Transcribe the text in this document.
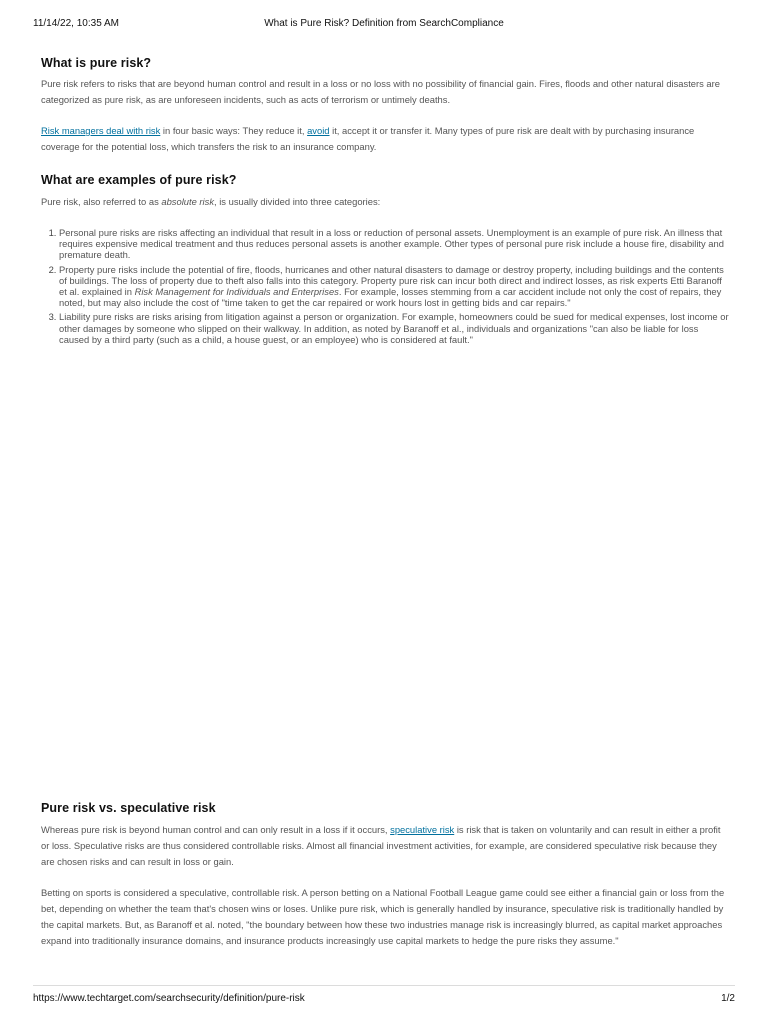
11/14/22, 10:35 AM	What is Pure Risk? Definition from SearchCompliance
What is pure risk?

Pure risk refers to risks that are beyond human control and result in a loss or no loss with no possibility of financial gain. Fires, floods and other natural disasters are categorized as pure risk, as are unforeseen incidents, such as acts of terrorism or untimely deaths.

Risk managers deal with risk in four basic ways: They reduce it, avoid it, accept it or transfer it. Many types of pure risk are dealt with by purchasing insurance coverage for the potential loss, which transfers the risk to an insurance company.

What are examples of pure risk?

Pure risk, also referred to as absolute risk, is usually divided into three categories:

1. Personal pure risks are risks affecting an individual that result in a loss or reduction of personal assets. Unemployment is an example of pure risk. An illness that requires expensive medical treatment and thus reduces personal assets is another example. Other types of personal pure risk include a house fire, disability and premature death.
2. Property pure risks include the potential of fire, floods, hurricanes and other natural disasters to damage or destroy property, including buildings and the contents of buildings. The loss of property due to theft also falls into this category. Property pure risk can incur both direct and indirect losses, as risk experts Etti Baranoff et al. explained in Risk Management for Individuals and Enterprises. For example, losses stemming from a car accident include not only the cost of repairs, they noted, but may also include the cost of "time taken to get the car repaired or work hours lost in getting bids and car repairs."
3. Liability pure risks are risks arising from litigation against a person or organization. For example, homeowners could be sued for medical expenses, lost income or other damages by someone who slipped on their walkway. In addition, as noted by Baranoff et al., individuals and organizations "can also be liable for loss caused by a third party (such as a child, a house guest, or an employee) who is considered at fault."
Pure risk vs. speculative risk

Whereas pure risk is beyond human control and can only result in a loss if it occurs, speculative risk is risk that is taken on voluntarily and can result in either a profit or loss. Speculative risks are thus considered controllable risks. Almost all financial investment activities, for example, are considered speculative risk because they are chosen risks and can result in loss or gain.

Betting on sports is considered a speculative, controllable risk. A person betting on a National Football League game could see either a financial gain or loss from the bet, depending on whether the team that's chosen wins or loses. Unlike pure risk, which is generally handled by insurance, speculative risk is traditionally handled by the capital markets. But, as Baranoff et al. noted, "the boundary between how these two industries manage risk is increasingly blurred, as capital market approaches expand into traditionally insurance domains, and insurance products increasingly use capital markets to hedge the pure risks they assume."

https://www.techtarget.com/searchsecurity/definition/pure-risk	1/2
